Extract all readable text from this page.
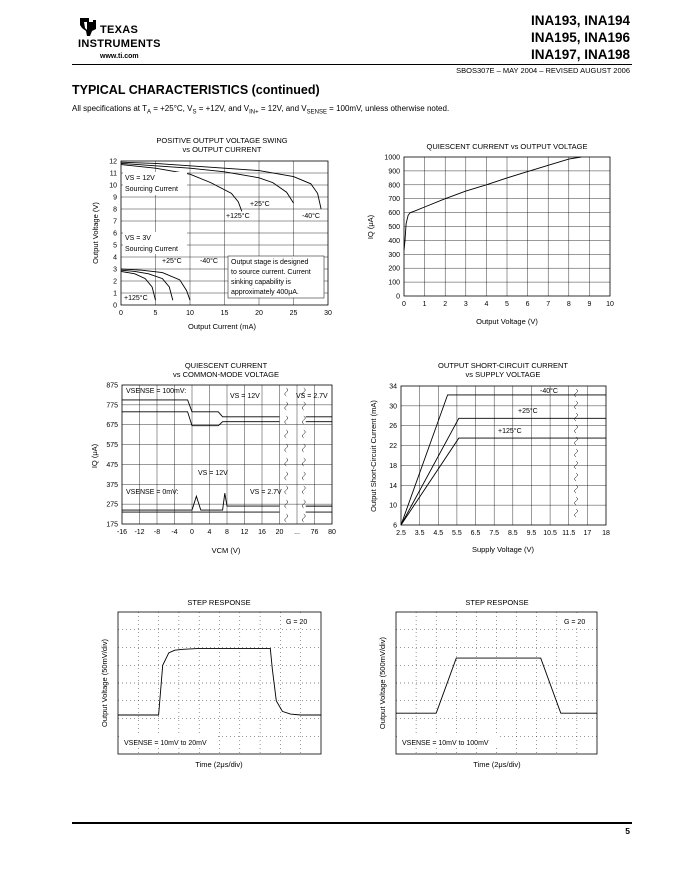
TEXAS
INSTRUMENTS
www.ti.com
INA193, INA194
INA195, INA196
INA197, INA198
SBOS307E – MAY 2004 – REVISED AUGUST 2006
TYPICAL CHARACTERISTICS (continued)
All specifications at $T_A = +25^\circ C$, $V_S = +12V$, and $V_{IN+} = 12V$, and $V_{SENSE} = 100mV$, unless otherwise noted.
POSITIVE OUTPUT VOLTAGE SWING
vs OUTPUT CURRENT
0
1
2
3
4
5
6
7
8
9
10
11
12
0	5	10	15	20	25	30
Output Voltage (V)
Output Current (mA)
VS = 12V
Sourcing Current
VS = 3V
Sourcing Current
+25°C
+125°C	-40°C
+25°C	-40°C
+125°C
Output stage is designed
to source current. Current
sinking capability is
approximately 400μA.
QUIESCENT CURRENT vs OUTPUT VOLTAGE
0
100
200
300
400
500
600
700
800
900
1000
0 1 2 3 4 5 6 7 8 9 10
IQ (μA)
Output Voltage (V)
QUIESCENT CURRENT
vs COMMON-MODE VOLTAGE
175
275
375
475
575
675
775
875
-16 -12 -8 -4 0 4 8 12 16 20 ... 76 80
IQ (μA)
VCM (V)
VSENSE = 100mV:
VS = 12V	VS = 2.7V
VS = 12V
VSENSE = 0mV:	VS = 2.7V
OUTPUT SHORT-CIRCUIT CURRENT
vs SUPPLY VOLTAGE
6
10
14
18
22
26
30
34
2.5 3.5 4.5 5.5 6.5 7.5 8.5 9.5 10.5 11.5 17 18
Output Short-Circuit Current (mA)
Supply Voltage (V)
-40°C
+25°C
+125°C
STEP RESPONSE
Output Voltage (50mV/div)
Time (2μs/div)
G = 20
VSENSE = 10mV to 20mV
STEP RESPONSE
Output Voltage (500mV/div)
Time (2μs/div)
G = 20
VSENSE = 10mV to 100mV
5
